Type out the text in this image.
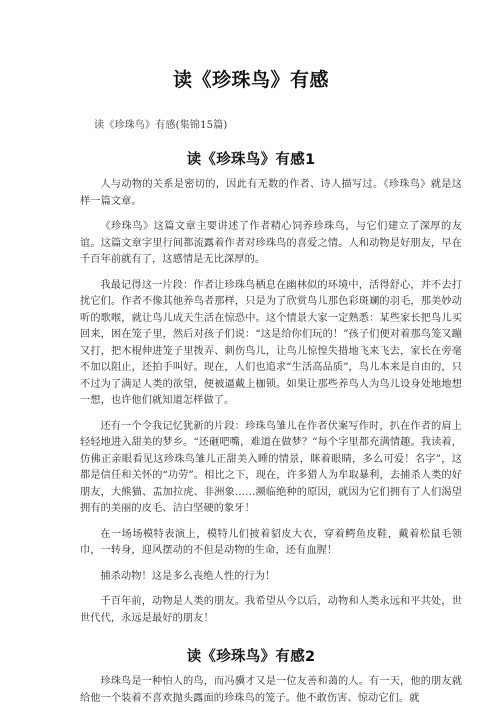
读《珍珠鸟》有感

读《珍珠鸟》有感(集锦15篇)

读《珍珠鸟》有感1

人与动物的关系是密切的，因此有无数的作者、诗人描写过。《珍珠鸟》就是这样一篇文章。

《珍珠鸟》这篇文章主要讲述了作者精心饲养珍珠鸟，与它们建立了深厚的友谊。这篇文章字里行间都流露着作者对珍珠鸟的喜爱之情。人和动物是好朋友，早在千百年前就有了，这感情是无比深厚的。

我最记得这一片段：作者让珍珠鸟栖息在幽林似的环境中，活得舒心，并不去打扰它们。作者不像其他养鸟者那样，只是为了欣赏鸟儿那色彩斑斓的羽毛，那美妙动听的歌喉，就让鸟儿成天生活在惊恐中。这个情景大家一定熟悉：某些家长把鸟儿买回来，困在笼子里，然后对孩子们说：“这是给你们玩的！”孩子们便对着那鸟笼又蹦又打，把木棍伸进笼子里拨弄、刺伤鸟儿，让鸟儿惊惶失措地飞来飞去，家长在旁毫不加以阻止，还拍手叫好。现在，人们也追求“生活高品质”，鸟儿本来是自由的，只不过为了满足人类的欲望，便被逼戴上枷锁。如果让那些养鸟人为鸟儿设身处地地想一想，也许他们就知道怎样做了。

还有一个令我记忆犹新的片段：珍珠鸟雏儿在作者伏案写作时，扒在作者的肩上轻轻地进入甜美的梦乡。“还砸吧嘴，难道在做梦？”每个字里都充满情趣。我读着，仿佛正亲眼看见这珍珠鸟雏儿正甜美入睡的情景，眯着眼睛，多么可爱！名字”，这都是信任和关怀的“功劳”。相比之下，现在，许多猎人为牟取暴利，去捕杀人类的好朋友，大熊猫、盂加拉虎、非洲象……濒临绝种的原因，就因为它们拥有了人们渴望拥有的美丽的皮毛、洁白坚硬的象牙！

在一场场模特表演上，模特儿们披着貂皮大衣，穿着鳄鱼皮鞋，戴着松鼠毛领巾，一转身，迎风摆动的不但是动物的生命，还有血腥！

捕杀动物！这是多么丧绝人性的行为！

千百年前，动物是人类的朋友。我希望从今以后，动物和人类永远和平共处，世世代代，永远是最好的朋友！

读《珍珠鸟》有感2

珍珠鸟是一种怕人的鸟，而冯骥才又是一位友善和蔼的人。有一天，他的朋友就给他一个装着不喜欢抛头露面的珍珠鸟的笼子。他不敢伤害、惊动它们。就
